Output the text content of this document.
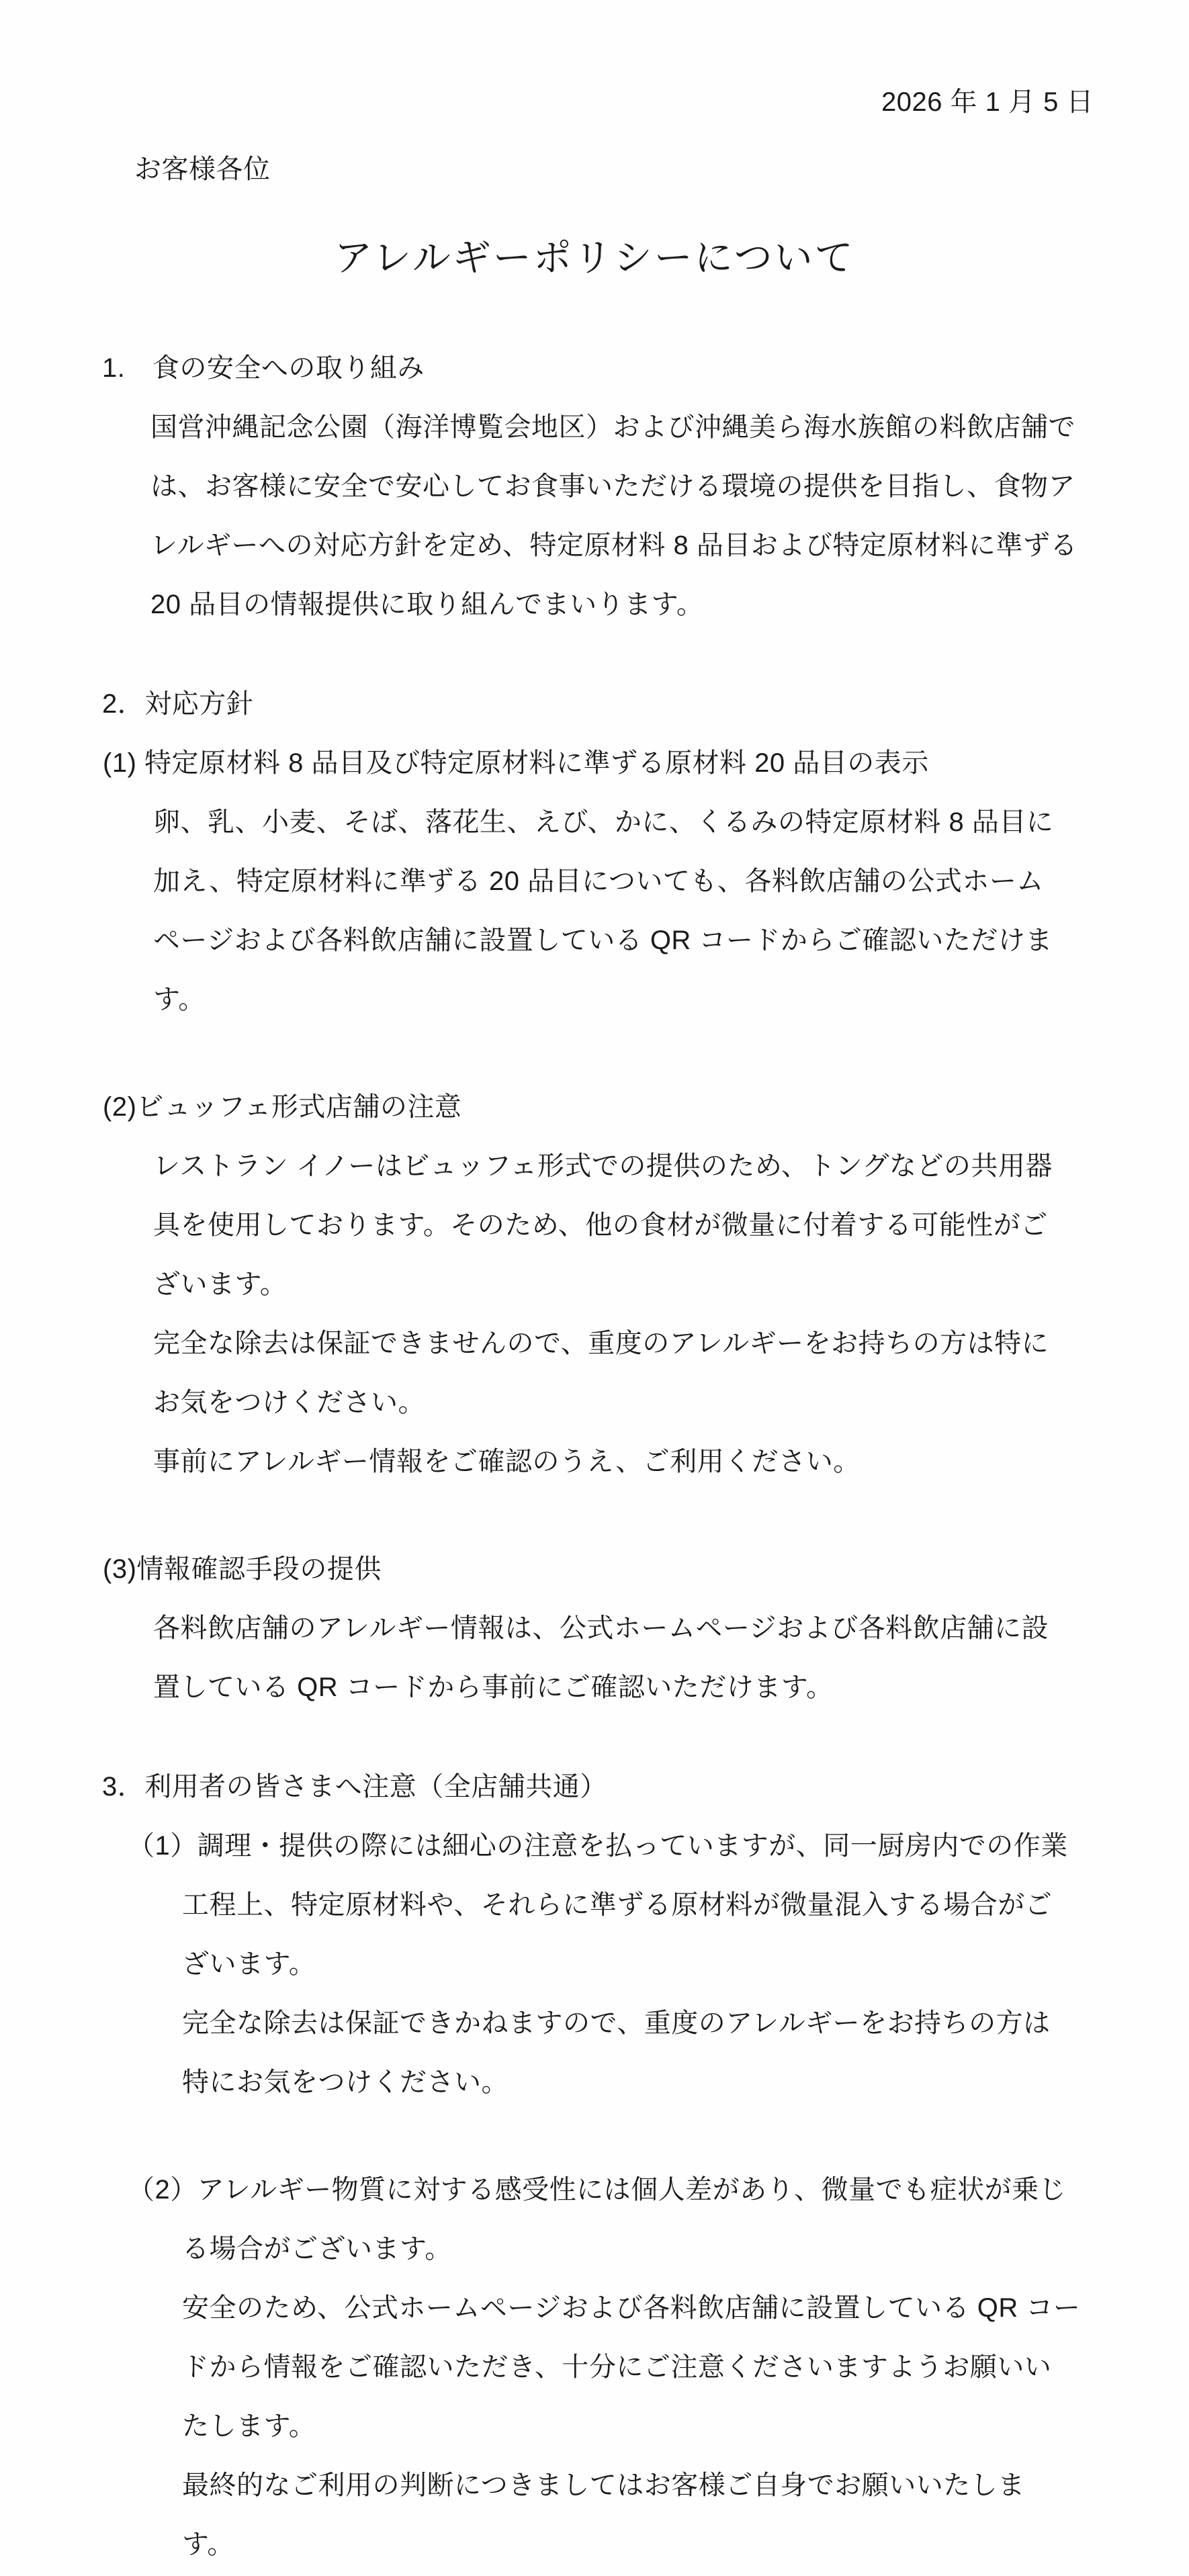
2026 年 1 月 5 日
お客様各位
アレルギーポリシーについて
1.　食の安全への取り組み
国営沖縄記念公園（海洋博覧会地区）および沖縄美ら海水族館の料飲店舗で
は、お客様に安全で安心してお食事いただける環境の提供を目指し、食物ア
レルギーへの対応方針を定め、特定原材料 8 品目および特定原材料に準ずる
20 品目の情報提供に取り組んでまいります。
2．対応方針
(1) 特定原材料 8 品目及び特定原材料に準ずる原材料 20 品目の表示
卵、乳、小麦、そば、落花生、えび、かに、くるみの特定原材料 8 品目に
加え、特定原材料に準ずる 20 品目についても、各料飲店舗の公式ホーム
ページおよび各料飲店舗に設置している QR コードからご確認いただけま
す。
(2)ビュッフェ形式店舗の注意
レストラン イノーはビュッフェ形式での提供のため、トングなどの共用器
具を使用しております。そのため、他の食材が微量に付着する可能性がご
ざいます。
完全な除去は保証できませんので、重度のアレルギーをお持ちの方は特に
お気をつけください。
事前にアレルギー情報をご確認のうえ、ご利用ください。
(3)情報確認手段の提供
各料飲店舗のアレルギー情報は、公式ホームページおよび各料飲店舗に設
置している QR コードから事前にご確認いただけます。
3．利用者の皆さまへ注意（全店舗共通）
（1）調理・提供の際には細心の注意を払っていますが、同一厨房内での作業
工程上、特定原材料や、それらに準ずる原材料が微量混入する場合がご
ざいます。
完全な除去は保証できかねますので、重度のアレルギーをお持ちの方は
特にお気をつけください。
（2）アレルギー物質に対する感受性には個人差があり、微量でも症状が乗じ
る場合がございます。
安全のため、公式ホームページおよび各料飲店舗に設置している QR コー
ドから情報をご確認いただき、十分にご注意くださいますようお願いい
たします。
最終的なご利用の判断につきましてはお客様ご自身でお願いいたしま
す。
